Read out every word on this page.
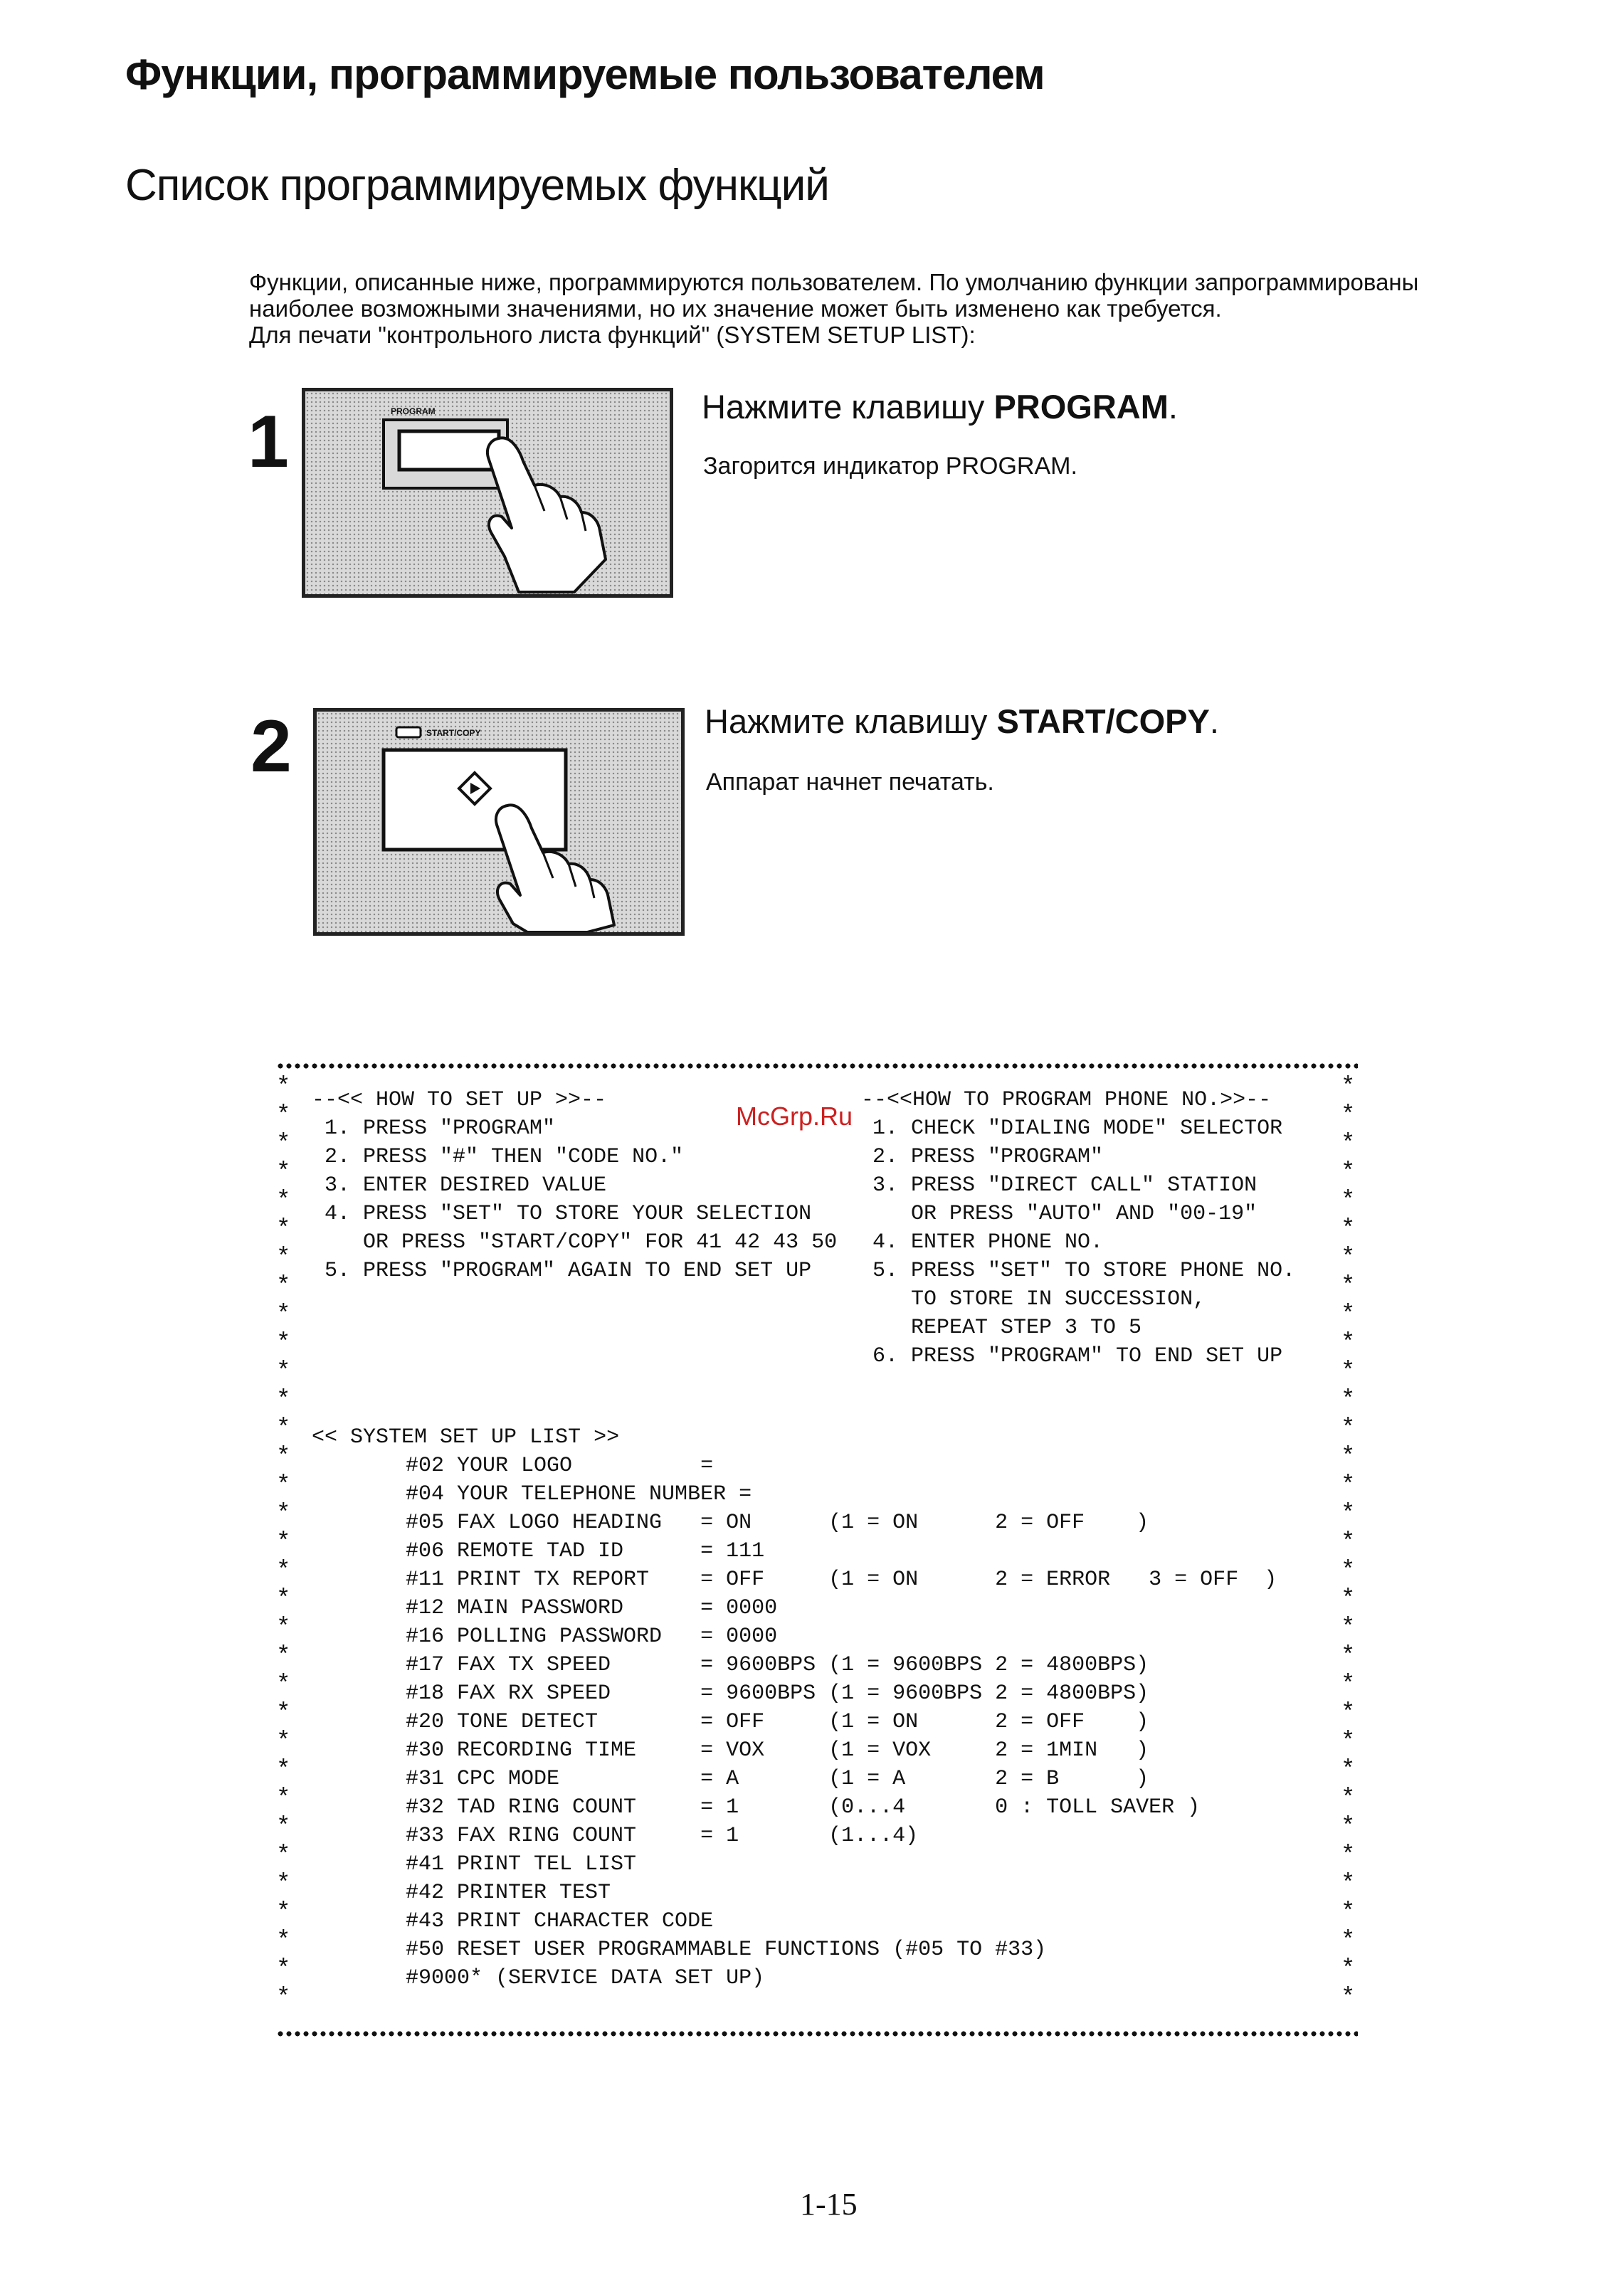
Функции, программируемые пользователем
Список программируемых функций

Функции, описанные ниже, программируются пользователем. По умолчанию функции запрограммированы

наиболее возможными значениями, но их значение может быть изменено как требуется.

Для печати "контрольного листа функций" (SYSTEM SETUP LIST):

1	PROGRAM	Нажмите клавишу PROGRAM.
Загорится индикатор PROGRAM.
2	START/COPY	Нажмите клавишу START/COPY.
Аппарат начнет печатать.
*
*
*
*
*
*
*
*
*
*
*
*
*
*
*
*
*
*
*
*
*
*
*
*
*
*
*
*
*
*
*
*
*
*
*
*
*
*
*
*
*
*
*
*
*
*
*
*
*
*
*
*
*
*
*
*
*
*
*
*
*
*
*
*
*
*
--<< HOW TO SET UP >>--
1. PRESS "PROGRAM"
2. PRESS "#" THEN "CODE NO."
3. ENTER DESIRED VALUE
4. PRESS "SET" TO STORE YOUR SELECTION
OR PRESS "START/COPY" FOR 41 42 43 50
5. PRESS "PROGRAM" AGAIN TO END SET UP
--<<HOW TO PROGRAM PHONE NO.>>--
1. CHECK "DIALING MODE" SELECTOR
2. PRESS "PROGRAM"
3. PRESS "DIRECT CALL" STATION
OR PRESS "AUTO" AND "00-19"
4. ENTER PHONE NO.
5. PRESS "SET" TO STORE PHONE NO.
TO STORE IN SUCCESSION,
REPEAT STEP 3 TO 5
6. PRESS "PROGRAM" TO END SET UP
<< SYSTEM SET UP LIST >>
#02 YOUR LOGO          =
#04 YOUR TELEPHONE NUMBER =
#05 FAX LOGO HEADING   = ON      (1 = ON      2 = OFF    )
#06 REMOTE TAD ID      = 111
#11 PRINT TX REPORT    = OFF     (1 = ON      2 = ERROR   3 = OFF  )
#12 MAIN PASSWORD      = 0000
#16 POLLING PASSWORD   = 0000
#17 FAX TX SPEED       = 9600BPS (1 = 9600BPS 2 = 4800BPS)
#18 FAX RX SPEED       = 9600BPS (1 = 9600BPS 2 = 4800BPS)
#20 TONE DETECT        = OFF     (1 = ON      2 = OFF    )
#30 RECORDING TIME     = VOX     (1 = VOX     2 = 1MIN   )
#31 CPC MODE           = A       (1 = A       2 = B      )
#32 TAD RING COUNT     = 1       (0...4       0 : TOLL SAVER )
#33 FAX RING COUNT     = 1       (1...4)
#41 PRINT TEL LIST
#42 PRINTER TEST
#43 PRINT CHARACTER CODE
#50 RESET USER PROGRAMMABLE FUNCTIONS (#05 TO #33)
#9000* (SERVICE DATA SET UP)
McGrp.Ru
1-15
